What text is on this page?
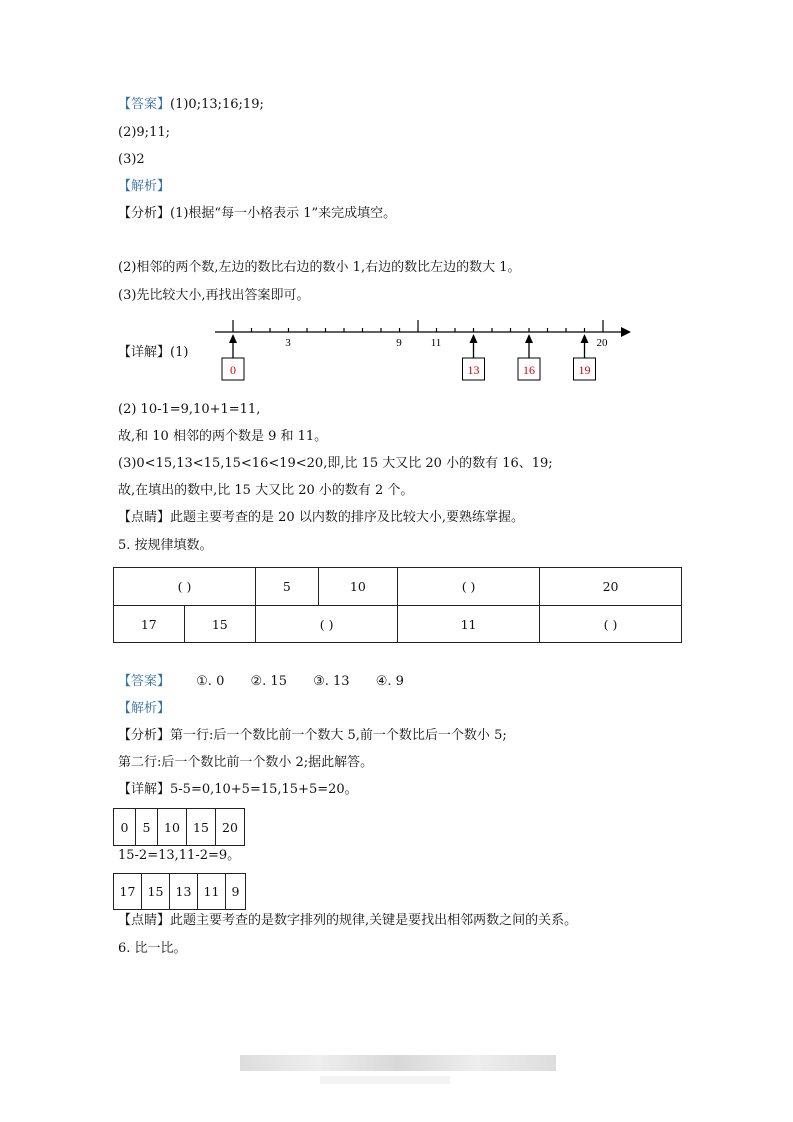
【答案】(1)0;13;16;19;
(2)9;11;
(3)2
【解析】
【分析】(1)根据“每一小格表示 1”来完成填空。
(2)相邻的两个数,左边的数比右边的数小 1,右边的数比左边的数大 1。
(3)先比较大小,再找出答案即可。
【详解】(1)
3	9	11	20
0	13	16	19
(2) 10-1=9,10+1=11,
故,和 10 相邻的两个数是 9 和 11。
(3)0<15,13<15,15<16<19<20,即,比 15 大又比 20 小的数有 16、19;
故,在填出的数中,比 15 大又比 20 小的数有 2 个。
【点睛】此题主要考查的是 20 以内数的排序及比较大小,要熟练掌握。
5. 按规律填数。
( )		5	10	( )	20
17	15	( )		11	( )
【答案】 ①. 0 ②. 15 ③. 13 ④. 9
【解析】
【分析】第一行:后一个数比前一个数大 5,前一个数比后一个数小 5;
第二行:后一个数比前一个数小 2;据此解答。
【详解】5-5=0,10+5=15,15+5=20。
0	5	10	15	20
15-2=13,11-2=9。
17	15	13	11	9
【点睛】此题主要考查的是数字排列的规律,关键是要找出相邻两数之间的关系。
6. 比一比。
